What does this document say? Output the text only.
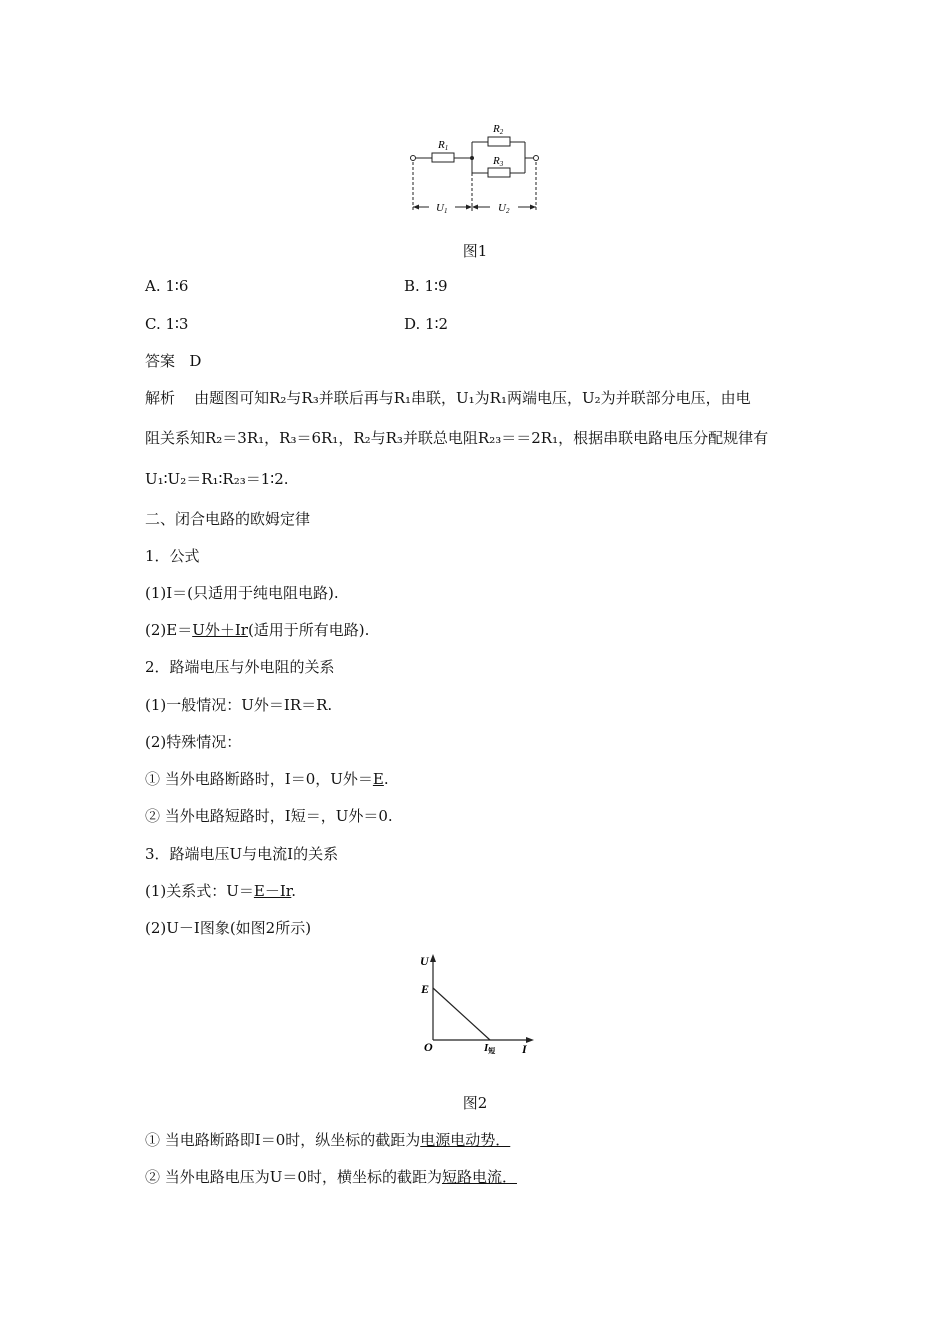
R1
R2
R3
U1	U2
图1
A. 1∶6	B. 1∶9
C. 1∶3	D. 1∶2
答案 D
解析 由题图可知R₂与R₃并联后再与R₁串联，U₁为R₁两端电压，U₂为并联部分电压，由电
阻关系知R₂＝3R₁，R₃＝6R₁，R₂与R₃并联总电阻R₂₃＝＝2R₁，根据串联电路电压分配规律有
U₁∶U₂＝R₁∶R₂₃＝1∶2.
二、闭合电路的欧姆定律
1．公式
(1)I＝(只适用于纯电阻电路).
(2)E＝U外＋Ir(适用于所有电路).
2．路端电压与外电阻的关系
(1)一般情况：U外＝IR＝R.
(2)特殊情况：
① 当外电路断路时，I＝0，U外＝E.
② 当外电路短路时，I短＝，U外＝0.
3．路端电压U与电流I的关系
(1)关系式：U＝E－Ir.
(2)U－I图象(如图2所示)
U
E
O	I短 I
图2
① 当电路断路即I＝0时，纵坐标的截距为电源电动势．
② 当外电路电压为U＝0时，横坐标的截距为短路电流．
